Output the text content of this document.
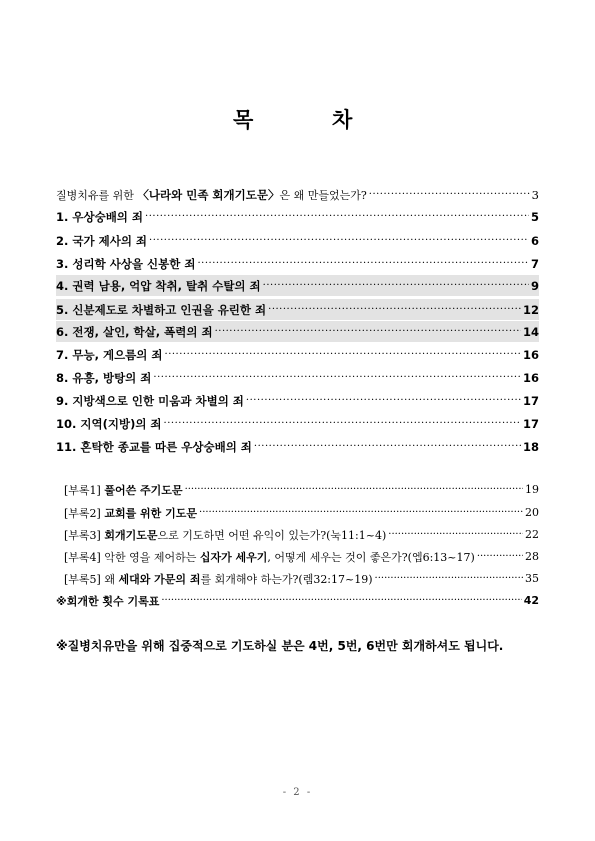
목	차
질병치유를 위한 〈나라와 민족 회개기도문〉은 왜 만들었는가? ·····	3
1. 우상숭배의 죄 ·····	5
2. 국가 제사의 죄 ·····	6
3. 성리학 사상을 신봉한 죄 ·····	7
4. 권력 남용, 억압 착취, 탈취 수탈의 죄 ·····	9
5. 신분제도로 차별하고 인권을 유린한 죄 ·····	12
6. 전쟁, 살인, 학살, 폭력의 죄 ·····	14
7. 무능, 게으름의 죄 ·····	16
8. 유흥, 방탕의 죄 ·····	16
9. 지방색으로 인한 미움과 차별의 죄 ·····	17
10. 지역(지방)의 죄 ·····	17
11. 혼탁한 종교를 따른 우상숭배의 죄 ·····	18
[부록1] 풀어쓴 주기도문 ·····	19
[부록2] 교회를 위한 기도문 ·····	20
[부록3] 회개기도문으로 기도하면 어떤 유익이 있는가?(눅11:1~4) ·····	22
[부록4] 악한 영을 제어하는 십자가 세우기, 어떻게 세우는 것이 좋은가?(엡6:13~17) ·····	28
[부록5] 왜 세대와 가문의 죄를 회개해야 하는가?(렘32:17~19) ·····	35
※회개한 횟수 기록표 ·····	42
※질병치유만을 위해 집중적으로 기도하실 분은 4번, 5번, 6번만 회개하셔도 됩니다.
- 2 -
